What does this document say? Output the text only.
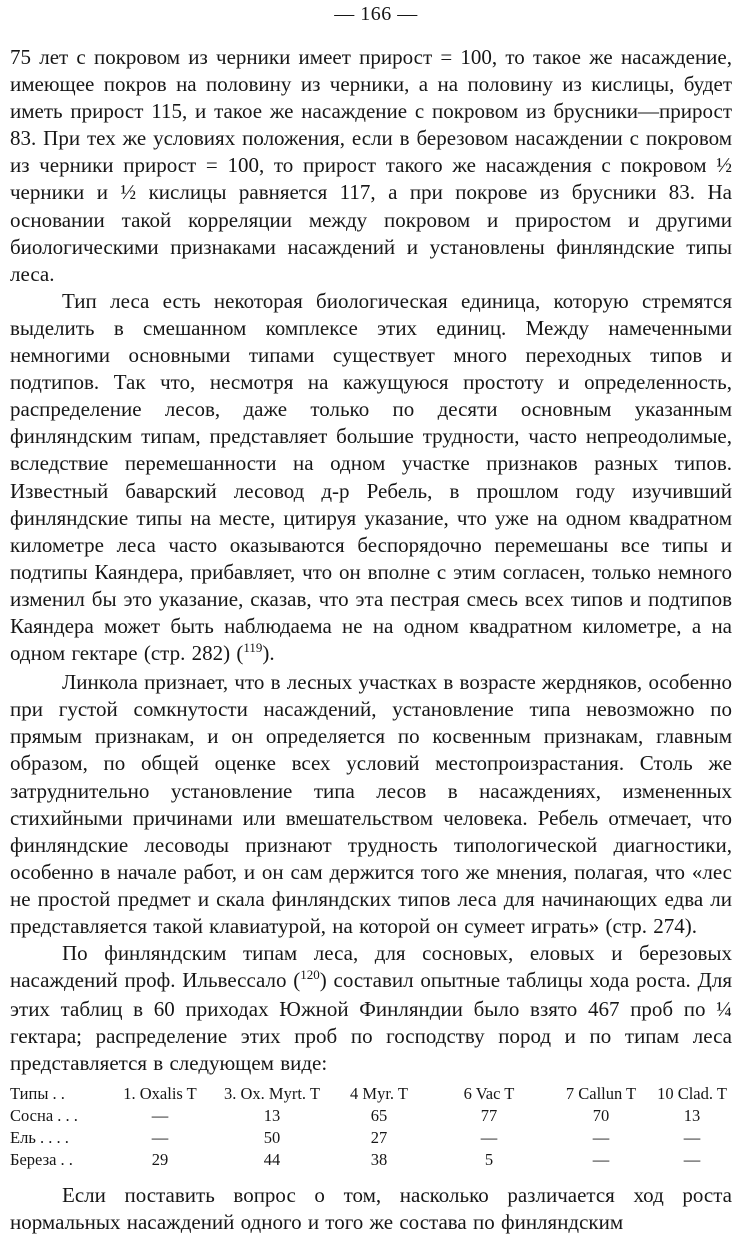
— 166 —

75 лет с покровом из черники имеет прирост = 100, то такое же насаждение, имеющее покров на половину из черники, а на половину из кислицы, будет иметь прирост 115, и такое же насаждение с покровом из брусники—прирост 83. При тех же условиях положения, если в березовом насаждении с покровом из черники прирост = 100, то прирост такого же насаждения с покровом ½ черники и ½ кислицы равняется 117, а при покрове из брусники 83. На основании такой корреляции между покровом и приростом и другими биологическими признаками насаждений и установлены финляндские типы леса.

Тип леса есть некоторая биологическая единица, которую стремятся выделить в смешанном комплексе этих единиц. Между намеченными немногими основными типами существует много переходных типов и подтипов. Так что, несмотря на кажущуюся простоту и определенность, распределение лесов, даже только по десяти основным указанным финляндским типам, представляет большие трудности, часто непреодолимые, вследствие перемешанности на одном участке признаков разных типов. Известный баварский лесовод д-р Ребель, в прошлом году изучивший финляндские типы на месте, цитируя указание, что уже на одном квадратном километре леса часто оказываются беспорядочно перемешаны все типы и подтипы Каяндера, прибавляет, что он вполне с этим согласен, только немного изменил бы это указание, сказав, что эта пестрая смесь всех типов и подтипов Каяндера может быть наблюдаема не на одном квадратном километре, а на одном гектаре (стр. 282) ($^{119}$).

Линкола признает, что в лесных участках в возрасте жердняков, особенно при густой сомкнутости насаждений, установление типа невозможно по прямым признакам, и он определяется по косвенным признакам, главным образом, по общей оценке всех условий местопроизрастания. Столь же затруднительно установление типа лесов в насаждениях, измененных стихийными причинами или вмешательством человека. Ребель отмечает, что финляндские лесоводы признают трудность типологической диагностики, особенно в начале работ, и он сам держится того же мнения, полагая, что «лес не простой предмет и скала финляндских типов леса для начинающих едва ли представляется такой клавиатурой, на которой он сумеет играть» (стр. 274).

По финляндским типам леса, для сосновых, еловых и березовых насаждений проф. Ильвессало ($^{120}$) составил опытные таблицы хода роста. Для этих таблиц в 60 приходах Южной Финляндии было взято 467 проб по ¼ гектара; распределение этих проб по господству пород и по типам леса представляется в следующем виде:

Типы . .	1. Oxalis T	3. Ox. Myrt. T	4 Myr. T	6 Vac T	7 Callun T	10 Clad. T
Сосна . . .	—	13	65	77	70	13
Ель . . . .	—	50	27	—	—	—
Береза . .	29	44	38	5	—	—

Если поставить вопрос о том, насколько различается ход роста нормальных насаждений одного и того же состава по финляндским
